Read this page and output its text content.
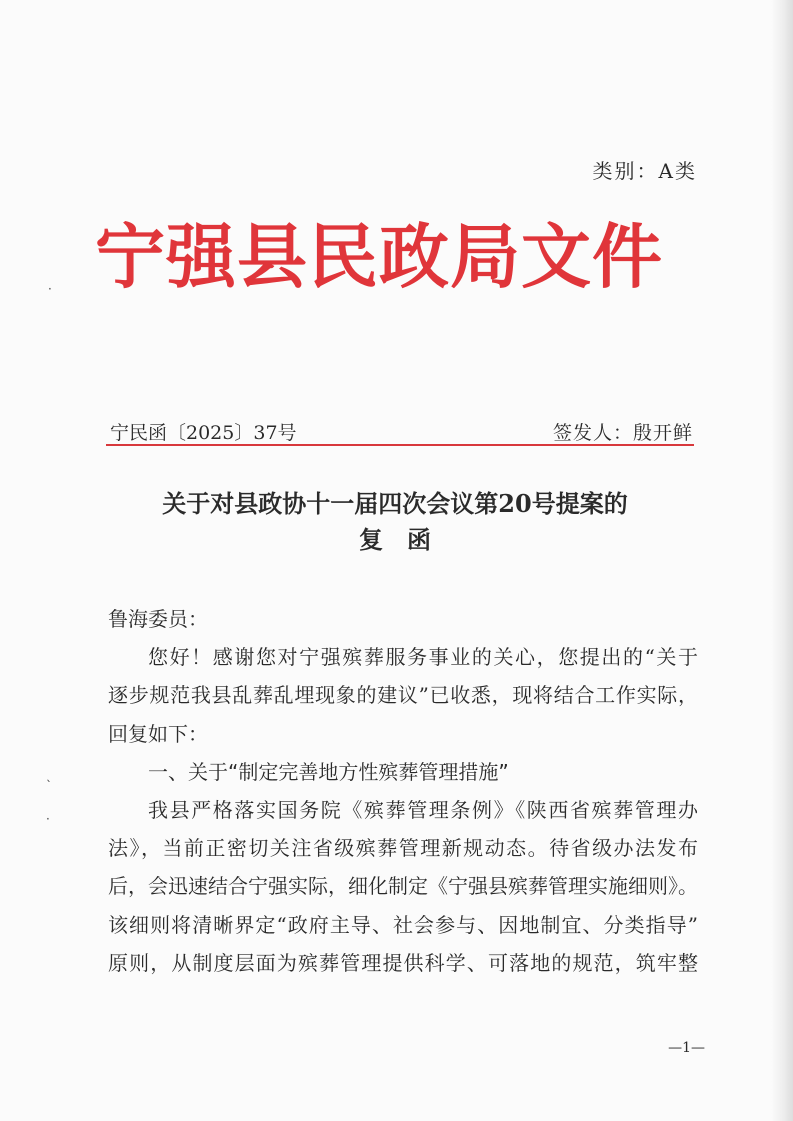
类别：A类
宁强县民政局文件
宁民函〔2025〕37号	签发人：殷开鲜
关于对县政协十一届四次会议第20号提案的
复函

鲁海委员：

您好！感谢您对宁强殡葬服务事业的关心，您提出的“关于

逐步规范我县乱葬乱埋现象的建议”已收悉，现将结合工作实际，

回复如下：

一、关于“制定完善地方性殡葬管理措施”

我县严格落实国务院《殡葬管理条例》《陕西省殡葬管理办

法》，当前正密切关注省级殡葬管理新规动态。待省级办法发布

后，会迅速结合宁强实际，细化制定《宁强县殡葬管理实施细则》。

该细则将清晰界定“政府主导、社会参与、因地制宜、分类指导”

原则，从制度层面为殡葬管理提供科学、可落地的规范，筑牢整

—1—
·
ˎ
·
